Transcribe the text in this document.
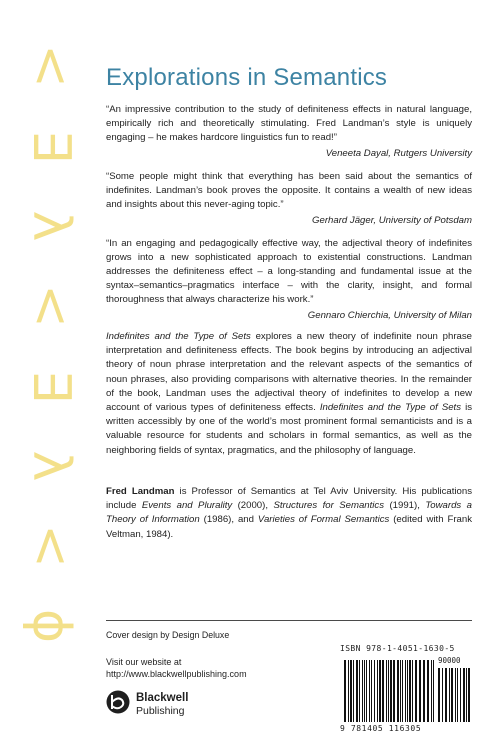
<
∃
λ
<
∃
λ
<
ϕ
Explorations in Semantics

“An impressive contribution to the study of definiteness effects in natural language, empirically rich and theoretically stimulating. Fred Landman’s style is uniquely engaging – he makes hardcore linguistics fun to read!”

Veneeta Dayal, Rutgers University

“Some people might think that everything has been said about the semantics of indefinites. Landman’s book proves the opposite. It contains a wealth of new ideas and insights about this never-aging topic.”

Gerhard Jäger, University of Potsdam

“In an engaging and pedagogically effective way, the adjectival theory of indefinites grows into a new sophisticated approach to existential constructions. Landman addresses the definiteness effect – a long-standing and fundamental issue at the syntax–semantics–pragmatics interface – with the clarity, insight, and formal thoroughness that always characterize his work.”

Gennaro Chierchia, University of Milan

Indefinites and the Type of Sets explores a new theory of indefinite noun phrase interpretation and definiteness effects. The book begins by introducing an adjectival theory of noun phrase interpretation and the relevant aspects of the semantics of noun phrases, also providing comparisons with alternative theories. In the remainder of the book, Landman uses the adjectival theory of indefinites to develop a new account of various types of definiteness effects. Indefinites and the Type of Sets is written accessibly by one of the world’s most prominent formal semanticists and is a valuable resource for students and scholars in formal semantics, as well as the neighboring fields of syntax, pragmatics, and the philosophy of language.

Fred Landman is Professor of Semantics at Tel Aviv University. His publications include Events and Plurality (2000), Structures for Semantics (1991), Towards a Theory of Information (1986), and Varieties of Formal Semantics (edited with Frank Veltman, 1984).

Cover design by Design Deluxe

Visit our website at
http://www.blackwellpublishing.com

Blackwell
Publishing
ISBN 978-1-4051-1630-5
90000
9 781405 116305
